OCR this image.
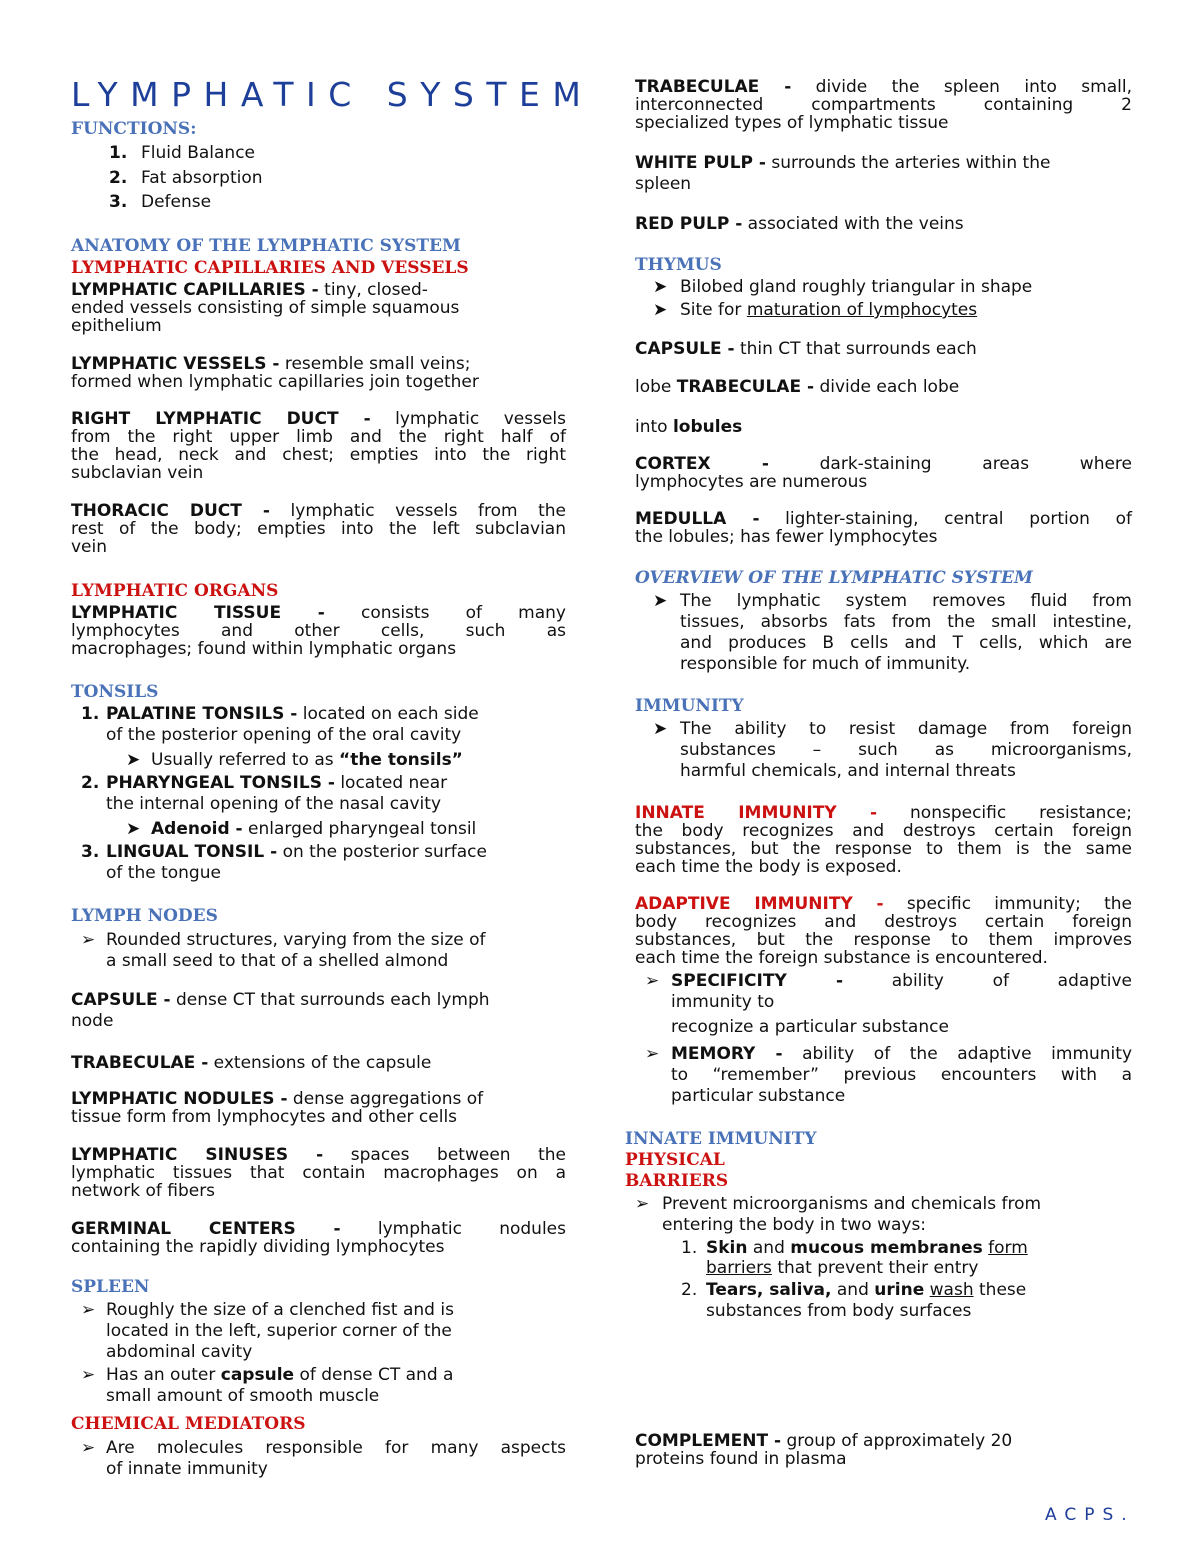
LYMPHATIC SYSTEM
FUNCTIONS:
1. Fluid Balance
2. Fat absorption
3. Defense
ANATOMY OF THE LYMPHATIC SYSTEM
LYMPHATIC CAPILLARIES AND VESSELS
LYMPHATIC CAPILLARIES - tiny, closed-
ended vessels consisting of simple squamous
epithelium
LYMPHATIC VESSELS - resemble small veins;
formed when lymphatic capillaries join together
RIGHT LYMPHATIC DUCT - lymphatic vessels
from the right upper limb and the right half of
the head, neck and chest; empties into the right
subclavian vein
THORACIC DUCT - lymphatic vessels from the
rest of the body; empties into the left subclavian
vein
LYMPHATIC ORGANS
LYMPHATIC TISSUE - consists of many
lymphocytes and other cells, such as
macrophages; found within lymphatic organs
TONSILS
1. PALATINE TONSILS - located on each side
of the posterior opening of the oral cavity
➤ Usually referred to as “the tonsils”
2. PHARYNGEAL TONSILS - located near
the internal opening of the nasal cavity
➤ Adenoid - enlarged pharyngeal tonsil
3. LINGUAL TONSIL - on the posterior surface
of the tongue
LYMPH NODES
➢ Rounded structures, varying from the size of
a small seed to that of a shelled almond
CAPSULE - dense CT that surrounds each lymph
node
TRABECULAE - extensions of the capsule
LYMPHATIC NODULES - dense aggregations of
tissue form from lymphocytes and other cells
LYMPHATIC SINUSES - spaces between the
lymphatic tissues that contain macrophages on a
network of fibers
GERMINAL CENTERS - lymphatic nodules
containing the rapidly dividing lymphocytes
SPLEEN
➢ Roughly the size of a clenched fist and is
located in the left, superior corner of the
abdominal cavity
➢ Has an outer capsule of dense CT and a
small amount of smooth muscle
CHEMICAL MEDIATORS
➢ Are molecules responsible for many aspects
of innate immunity
TRABECULAE - divide the spleen into small,
interconnected compartments containing 2
specialized types of lymphatic tissue
WHITE PULP - surrounds the arteries within the
spleen
RED PULP - associated with the veins
THYMUS
➤ Bilobed gland roughly triangular in shape
➤ Site for maturation of lymphocytes
CAPSULE - thin CT that surrounds each
lobe TRABECULAE - divide each lobe
into lobules
CORTEX - dark-staining areas where
lymphocytes are numerous
MEDULLA - lighter-staining, central portion of
the lobules; has fewer lymphocytes
OVERVIEW OF THE LYMPHATIC SYSTEM
➤ The lymphatic system removes fluid from
tissues, absorbs fats from the small intestine,
and produces B cells and T cells, which are
responsible for much of immunity.
IMMUNITY
➤ The ability to resist damage from foreign
substances – such as microorganisms,
harmful chemicals, and internal threats
INNATE IMMUNITY - nonspecific resistance;
the body recognizes and destroys certain foreign
substances, but the response to them is the same
each time the body is exposed.
ADAPTIVE IMMUNITY - specific immunity; the
body recognizes and destroys certain foreign
substances, but the response to them improves
each time the foreign substance is encountered.
➢ SPECIFICITY - ability of adaptive
immunity to
recognize a particular substance
➢ MEMORY - ability of the adaptive immunity
to “remember” previous encounters with a
particular substance
INNATE IMMUNITY
PHYSICAL
BARRIERS
➢ Prevent microorganisms and chemicals from
entering the body in two ways:
1. Skin and mucous membranes form
barriers that prevent their entry
2. Tears, saliva, and urine wash these
substances from body surfaces
COMPLEMENT - group of approximately 20
proteins found in plasma
ACPS.
